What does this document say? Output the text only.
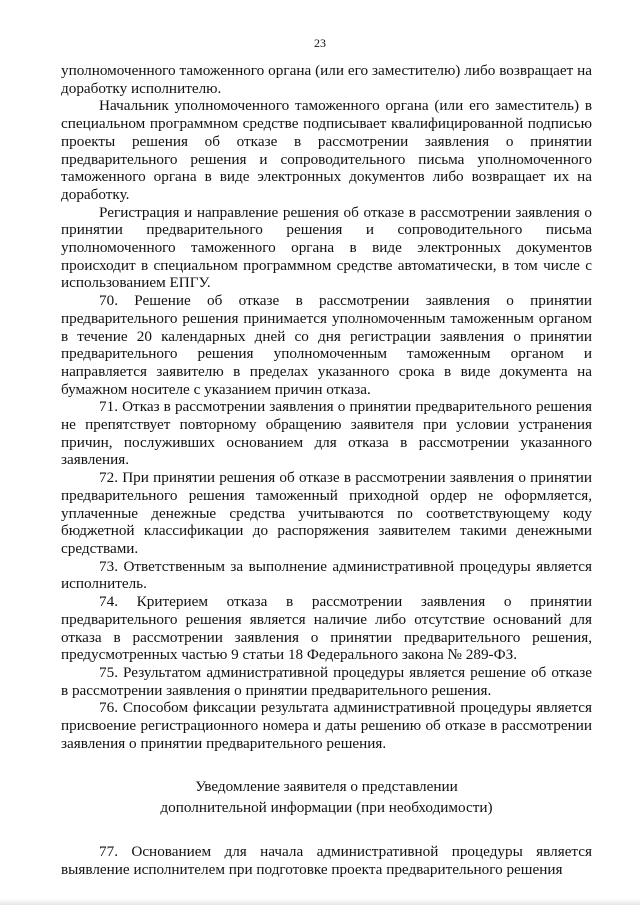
23

уполномоченного таможенного органа (или его заместителю) либо возвращает на доработку исполнителю.

Начальник уполномоченного таможенного органа (или его заместитель) в специальном программном средстве подписывает квалифицированной подписью проекты решения об отказе в рассмотрении заявления о принятии предварительного решения и сопроводительного письма уполномоченного таможенного органа в виде электронных документов либо возвращает их на доработку.

Регистрация и направление решения об отказе в рассмотрении заявления о принятии предварительного решения и сопроводительного письма уполномоченного таможенного органа в виде электронных документов происходит в специальном программном средстве автоматически, в том числе с использованием ЕПГУ.

70. Решение об отказе в рассмотрении заявления о принятии предварительного решения принимается уполномоченным таможенным органом в течение 20 календарных дней со дня регистрации заявления о принятии предварительного решения уполномоченным таможенным органом и направляется заявителю в пределах указанного срока в виде документа на бумажном носителе с указанием причин отказа.

71. Отказ в рассмотрении заявления о принятии предварительного решения не препятствует повторному обращению заявителя при условии устранения причин, послуживших основанием для отказа в рассмотрении указанного заявления.

72. При принятии решения об отказе в рассмотрении заявления о принятии предварительного решения таможенный приходной ордер не оформляется, уплаченные денежные средства учитываются по соответствующему коду бюджетной классификации до распоряжения заявителем такими денежными средствами.

73. Ответственным за выполнение административной процедуры является исполнитель.

74. Критерием отказа в рассмотрении заявления о принятии предварительного решения является наличие либо отсутствие оснований для отказа в рассмотрении заявления о принятии предварительного решения, предусмотренных частью 9 статьи 18 Федерального закона № 289-ФЗ.

75. Результатом административной процедуры является решение об отказе в рассмотрении заявления о принятии предварительного решения.

76. Способом фиксации результата административной процедуры является присвоение регистрационного номера и даты решению об отказе в рассмотрении заявления о принятии предварительного решения.

Уведомление заявителя о представлении
дополнительной информации (при необходимости)

77. Основанием для начала административной процедуры является выявление исполнителем при подготовке проекта предварительного решения
